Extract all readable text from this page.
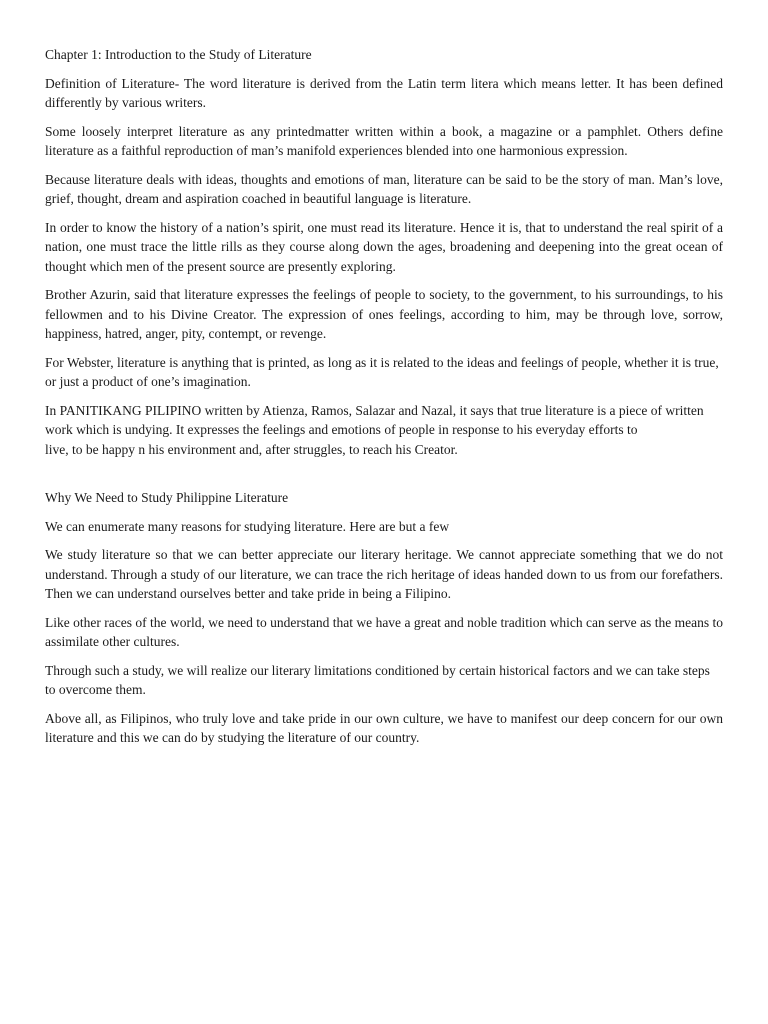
Chapter 1: Introduction to the Study of Literature

Definition of Literature- The word literature is derived from the Latin term litera which means letter. It has been defined differently by various writers.

Some loosely interpret literature as any printedmatter written within a book, a magazine or a pamphlet. Others define literature as a faithful reproduction of man’s manifold experiences blended into one harmonious expression.

Because literature deals with ideas, thoughts and emotions of man, literature can be said to be the story of man. Man’s love, grief, thought, dream and aspiration coached in beautiful language is literature.

In order to know the history of a nation’s spirit, one must read its literature. Hence it is, that to understand the real spirit of a nation, one must trace the little rills as they course along down the ages, broadening and deepening into the great ocean of thought which men of the present source are presently exploring.

Brother Azurin, said that literature expresses the feelings of people to society, to the government, to his surroundings, to his fellowmen and to his Divine Creator. The expression of ones feelings, according to him, may be through love, sorrow, happiness, hatred, anger, pity, contempt, or revenge.

For Webster, literature is anything that is printed, as long as it is related to the ideas and feelings of people, whether it is true, or just a product of one’s imagination.

In PANITIKANG PILIPINO written by Atienza, Ramos, Salazar and Nazal, it says that true literature is a piece of written work which is undying. It expresses the feelings and emotions of people in response to his everyday efforts to
live, to be happy n his environment and, after struggles, to reach his Creator.

Why We Need to Study Philippine Literature

We can enumerate many reasons for studying literature. Here are but a few

We study literature so that we can better appreciate our literary heritage. We cannot appreciate something that we do not understand. Through a study of our literature, we can trace the rich heritage of ideas handed down to us from our forefathers. Then we can understand ourselves better and take pride in being a Filipino.

Like other races of the world, we need to understand that we have a great and noble tradition which can serve as the means to assimilate other cultures.

Through such a study, we will realize our literary limitations conditioned by certain historical factors and we can take steps to overcome them.

Above all, as Filipinos, who truly love and take pride in our own culture, we have to manifest our deep concern for our own literature and this we can do by studying the literature of our country.
